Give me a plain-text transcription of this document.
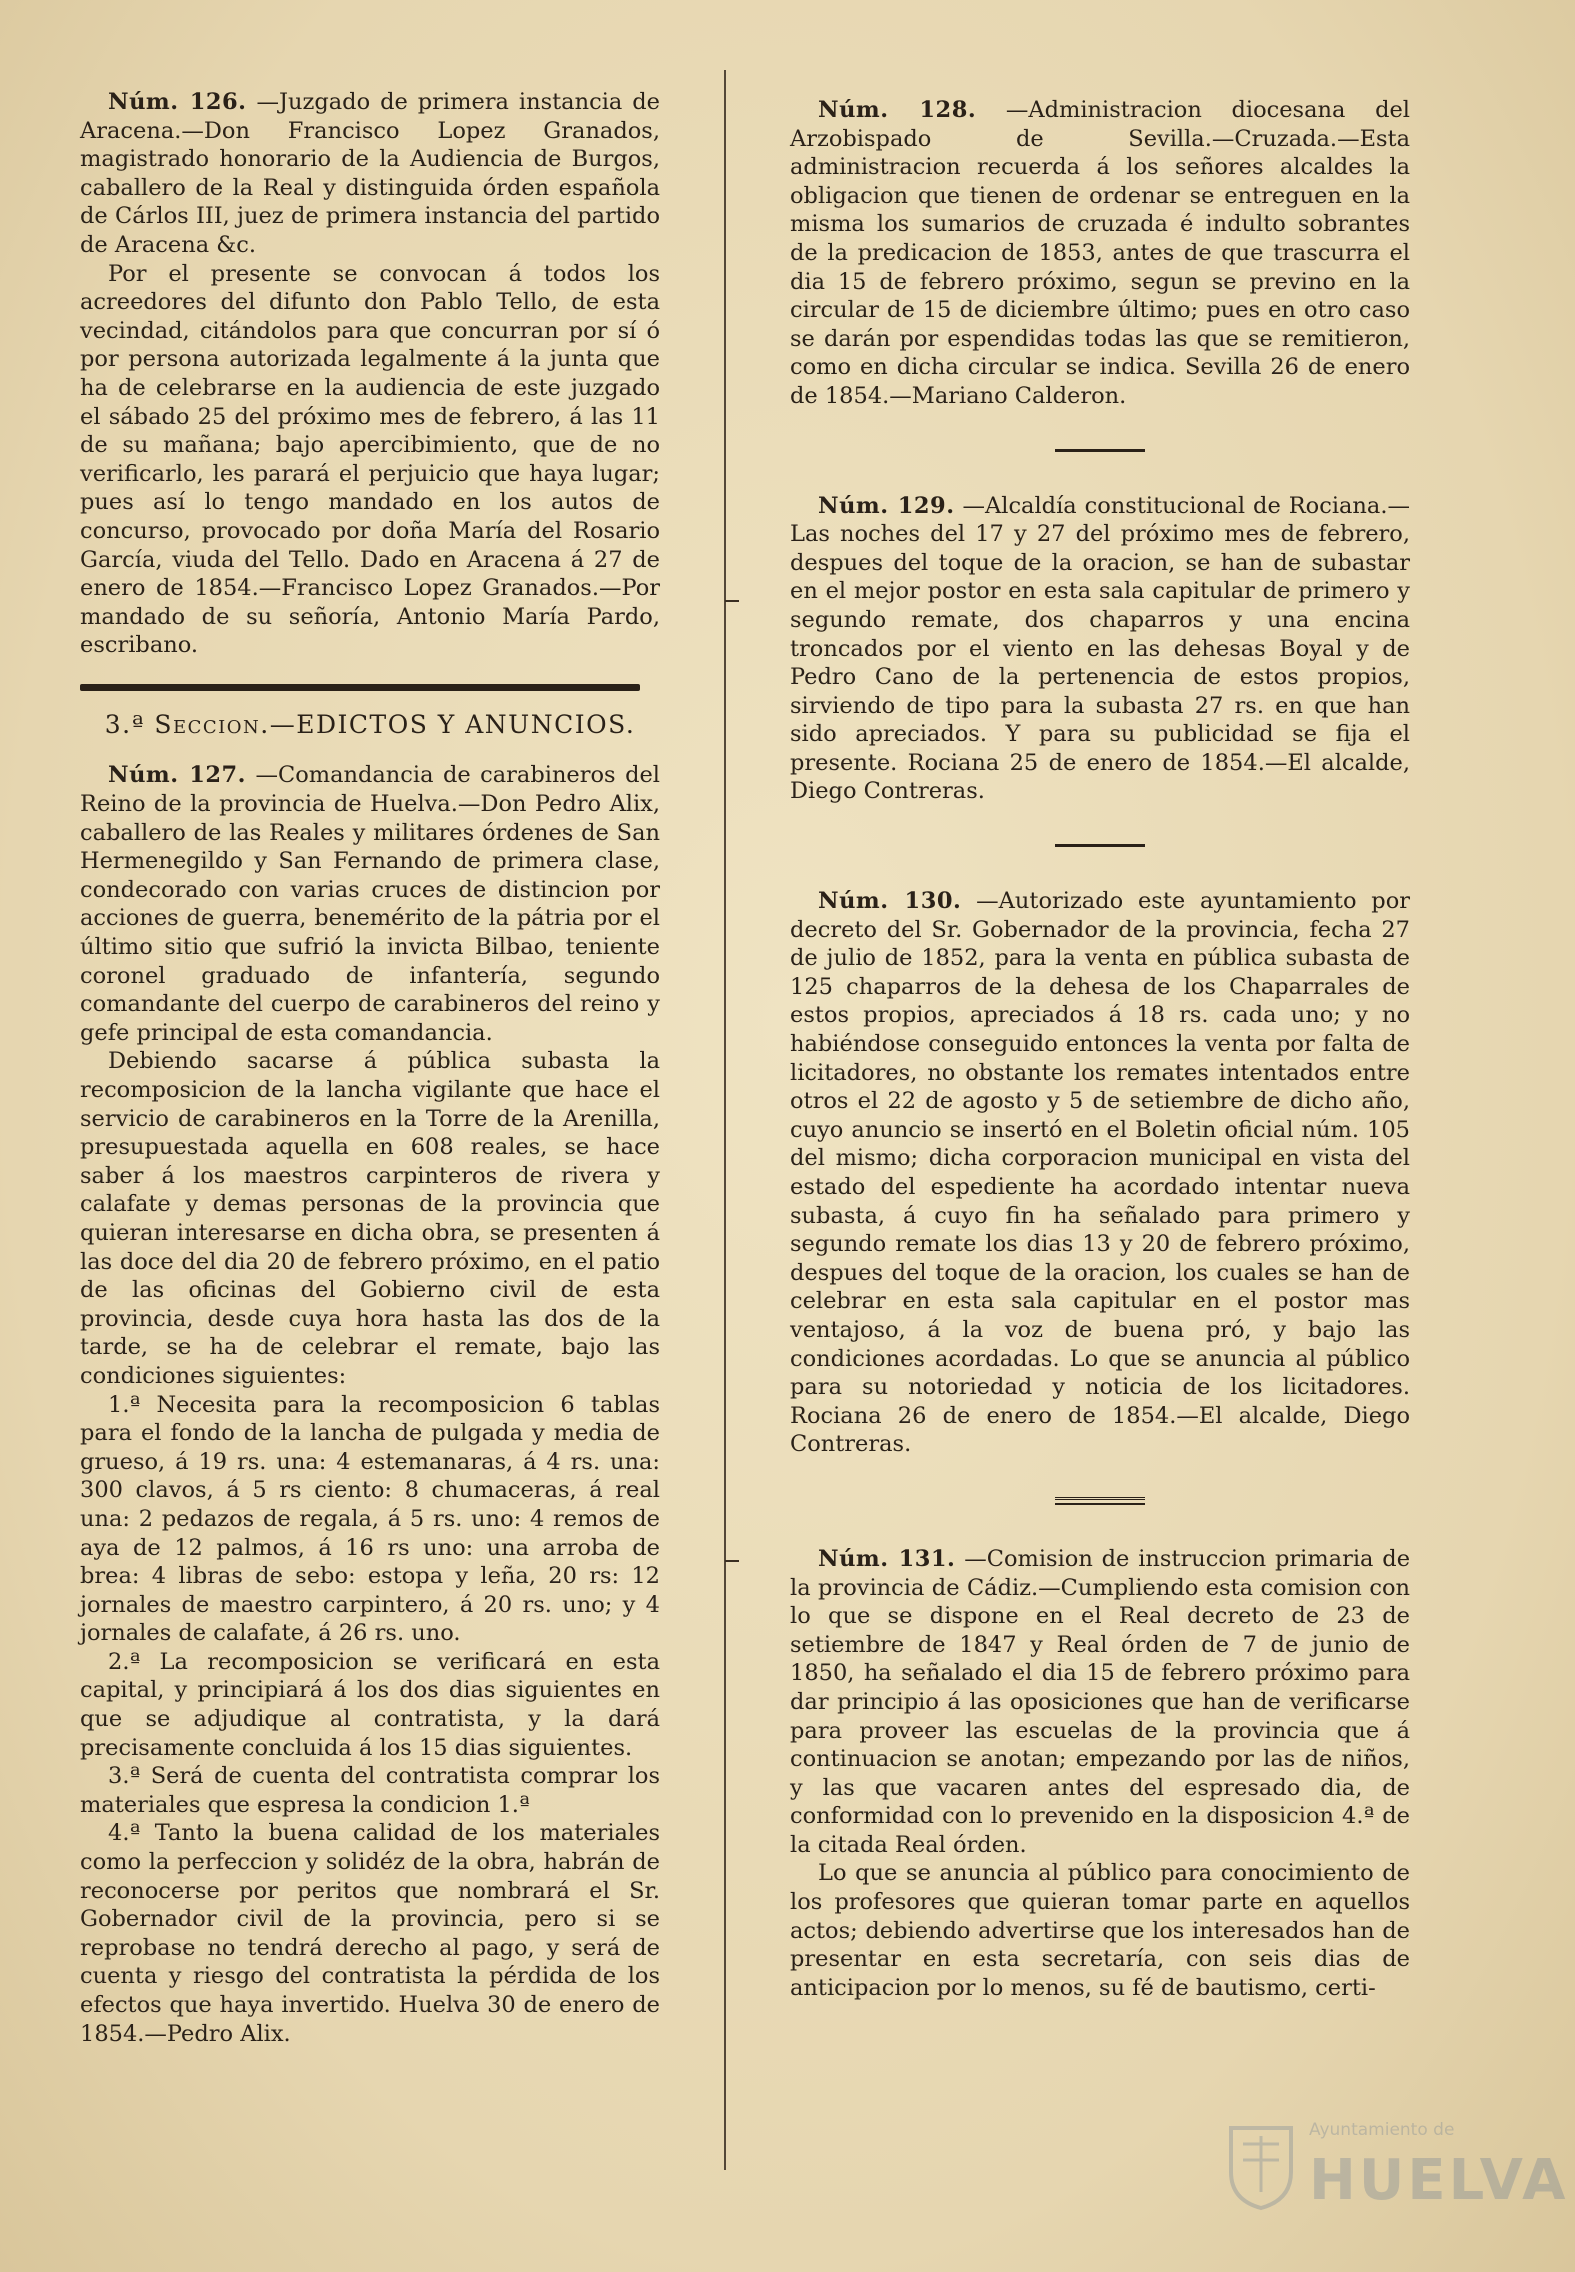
Núm. 126. —Juzgado de primera instancia de Aracena.—Don Francisco Lopez Granados, magistrado honorario de la Audiencia de Burgos, caballero de la Real y distinguida órden española de Cárlos III, juez de primera instancia del partido de Aracena &c.

Por el presente se convocan á todos los acreedores del difunto don Pablo Tello, de esta vecindad, citándolos para que concurran por sí ó por persona autorizada legalmente á la junta que ha de celebrarse en la audiencia de este juzgado el sábado 25 del próximo mes de febrero, á las 11 de su mañana; bajo apercibimiento, que de no verificarlo, les parará el perjuicio que haya lugar; pues así lo tengo mandado en los autos de concurso, provocado por doña María del Rosario García, viuda del Tello. Dado en Aracena á 27 de enero de 1854.—Francisco Lopez Granados.—Por mandado de su señoría, Antonio María Pardo, escribano.

3.ª Seccion.—EDICTOS Y ANUNCIOS.

Núm. 127. —Comandancia de carabineros del Reino de la provincia de Huelva.—Don Pedro Alix, caballero de las Reales y militares órdenes de San Hermenegildo y San Fernando de primera clase, condecorado con varias cruces de distincion por acciones de guerra, benemérito de la pátria por el último sitio que sufrió la invicta Bilbao, teniente coronel graduado de infantería, segundo comandante del cuerpo de carabineros del reino y gefe principal de esta comandancia.

Debiendo sacarse á pública subasta la recomposicion de la lancha vigilante que hace el servicio de carabineros en la Torre de la Arenilla, presupuestada aquella en 608 reales, se hace saber á los maestros carpinteros de rivera y calafate y demas personas de la provincia que quieran interesarse en dicha obra, se presenten á las doce del dia 20 de febrero próximo, en el patio de las oficinas del Gobierno civil de esta provincia, desde cuya hora hasta las dos de la tarde, se ha de celebrar el remate, bajo las condiciones siguientes:

1.ª Necesita para la recomposicion 6 tablas para el fondo de la lancha de pulgada y media de grueso, á 19 rs. una: 4 estemanaras, á 4 rs. una: 300 clavos, á 5 rs ciento: 8 chumaceras, á real una: 2 pedazos de regala, á 5 rs. uno: 4 remos de aya de 12 palmos, á 16 rs uno: una arroba de brea: 4 libras de sebo: estopa y leña, 20 rs: 12 jornales de maestro carpintero, á 20 rs. uno; y 4 jornales de calafate, á 26 rs. uno.

2.ª La recomposicion se verificará en esta capital, y principiará á los dos dias siguientes en que se adjudique al contratista, y la dará precisamente concluida á los 15 dias siguientes.

3.ª Será de cuenta del contratista comprar los materiales que espresa la condicion 1.ª

4.ª Tanto la buena calidad de los materiales como la perfeccion y solidéz de la obra, habrán de reconocerse por peritos que nombrará el Sr. Gobernador civil de la provincia, pero si se reprobase no tendrá derecho al pago, y será de cuenta y riesgo del contratista la pérdida de los efectos que haya invertido. Huelva 30 de enero de 1854.—Pedro Alix.

Núm. 128. —Administracion diocesana del Arzobispado de Sevilla.—Cruzada.—Esta administracion recuerda á los señores alcaldes la obligacion que tienen de ordenar se entreguen en la misma los sumarios de cruzada é indulto sobrantes de la predicacion de 1853, antes de que trascurra el dia 15 de febrero próximo, segun se previno en la circular de 15 de diciembre último; pues en otro caso se darán por espendidas todas las que se remitieron, como en dicha circular se indica. Sevilla 26 de enero de 1854.—Mariano Calderon.

Núm. 129. —Alcaldía constitucional de Rociana.—Las noches del 17 y 27 del próximo mes de febrero, despues del toque de la oracion, se han de subastar en el mejor postor en esta sala capitular de primero y segundo remate, dos chaparros y una encina troncados por el viento en las dehesas Boyal y de Pedro Cano de la pertenencia de estos propios, sirviendo de tipo para la subasta 27 rs. en que han sido apreciados. Y para su publicidad se fija el presente. Rociana 25 de enero de 1854.—El alcalde, Diego Contreras.

Núm. 130. —Autorizado este ayuntamiento por decreto del Sr. Gobernador de la provincia, fecha 27 de julio de 1852, para la venta en pública subasta de 125 chaparros de la dehesa de los Chaparrales de estos propios, apreciados á 18 rs. cada uno; y no habiéndose conseguido entonces la venta por falta de licitadores, no obstante los remates intentados entre otros el 22 de agosto y 5 de setiembre de dicho año, cuyo anuncio se insertó en el Boletin oficial núm. 105 del mismo; dicha corporacion municipal en vista del estado del espediente ha acordado intentar nueva subasta, á cuyo fin ha señalado para primero y segundo remate los dias 13 y 20 de febrero próximo, despues del toque de la oracion, los cuales se han de celebrar en esta sala capitular en el postor mas ventajoso, á la voz de buena pró, y bajo las condiciones acordadas. Lo que se anuncia al público para su notoriedad y noticia de los licitadores. Rociana 26 de enero de 1854.—El alcalde, Diego Contreras.

Núm. 131. —Comision de instruccion primaria de la provincia de Cádiz.—Cumpliendo esta comision con lo que se dispone en el Real decreto de 23 de setiembre de 1847 y Real órden de 7 de junio de 1850, ha señalado el dia 15 de febrero próximo para dar principio á las oposiciones que han de verificarse para proveer las escuelas de la provincia que á continuacion se anotan; empezando por las de niños, y las que vacaren antes del espresado dia, de conformidad con lo prevenido en la disposicion 4.ª de la citada Real órden.

Lo que se anuncia al público para conocimiento de los profesores que quieran tomar parte en aquellos actos; debiendo advertirse que los interesados han de presentar en esta secretaría, con seis dias de anticipacion por lo menos, su fé de bautismo, certi-

Ayuntamiento de
HUELVA
